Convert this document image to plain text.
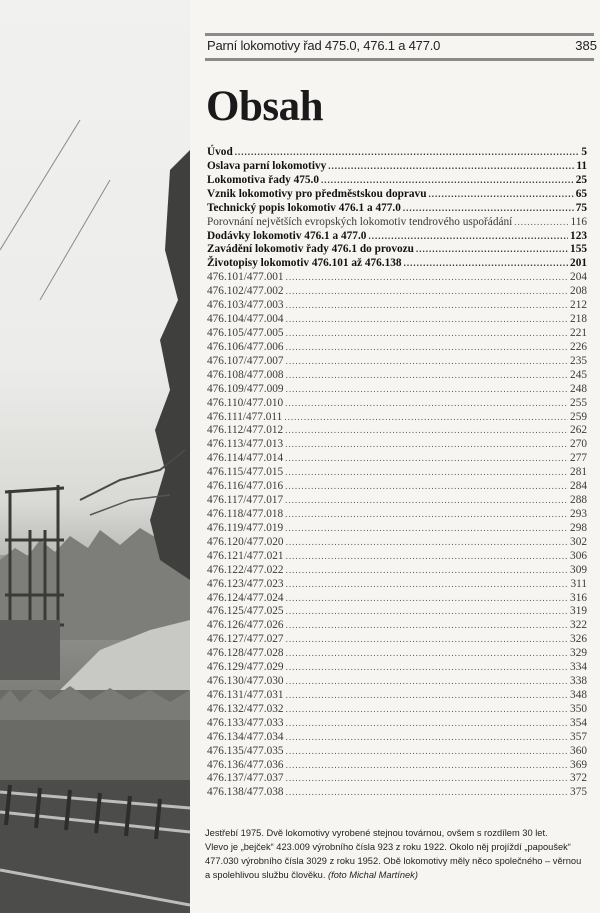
Parní lokomotivy řad 475.0, 476.1 a 477.0	385
Obsah
Úvod .....	5
Oslava parní lokomotivy .....	11
Lokomotiva řady 475.0 .....	25
Vznik lokomotivy pro předměstskou dopravu .....	65
Technický popis lokomotiv 476.1 a 477.0 .....	75
Porovnání největších evropských lokomotiv tendrového uspořádání .....	116
Dodávky lokomotiv 476.1 a 477.0 .....	123
Zavádění lokomotiv řady 476.1 do provozu .....	155
Životopisy lokomotiv 476.101 až 476.138 .....	201
476.101/477.001 .....	204
476.102/477.002 .....	208
476.103/477.003 .....	212
476.104/477.004 .....	218
476.105/477.005 .....	221
476.106/477.006 .....	226
476.107/477.007 .....	235
476.108/477.008 .....	245
476.109/477.009 .....	248
476.110/477.010 .....	255
476.111/477.011 .....	259
476.112/477.012 .....	262
476.113/477.013 .....	270
476.114/477.014 .....	277
476.115/477.015 .....	281
476.116/477.016 .....	284
476.117/477.017 .....	288
476.118/477.018 .....	293
476.119/477.019 .....	298
476.120/477.020 .....	302
476.121/477.021 .....	306
476.122/477.022 .....	309
476.123/477.023 .....	311
476.124/477.024 .....	316
476.125/477.025 .....	319
476.126/477.026 .....	322
476.127/477.027 .....	326
476.128/477.028 .....	329
476.129/477.029 .....	334
476.130/477.030 .....	338
476.131/477.031 .....	348
476.132/477.032 .....	350
476.133/477.033 .....	354
476.134/477.034 .....	357
476.135/477.035 .....	360
476.136/477.036 .....	369
476.137/477.037 .....	372
476.138/477.038 .....	375

Jestřebí 1975. Dvě lokomotivy vyrobené stejnou továrnou, ovšem s rozdílem 30 let.
Vlevo je „bejček“ 423.009 výrobního čísla 923 z roku 1922. Okolo něj projíždí „papoušek“
477.030 výrobního čísla 3029 z roku 1952. Obě lokomotivy měly něco společného – věrnou
a spolehlivou službu člověku. (foto Michal Martínek)
